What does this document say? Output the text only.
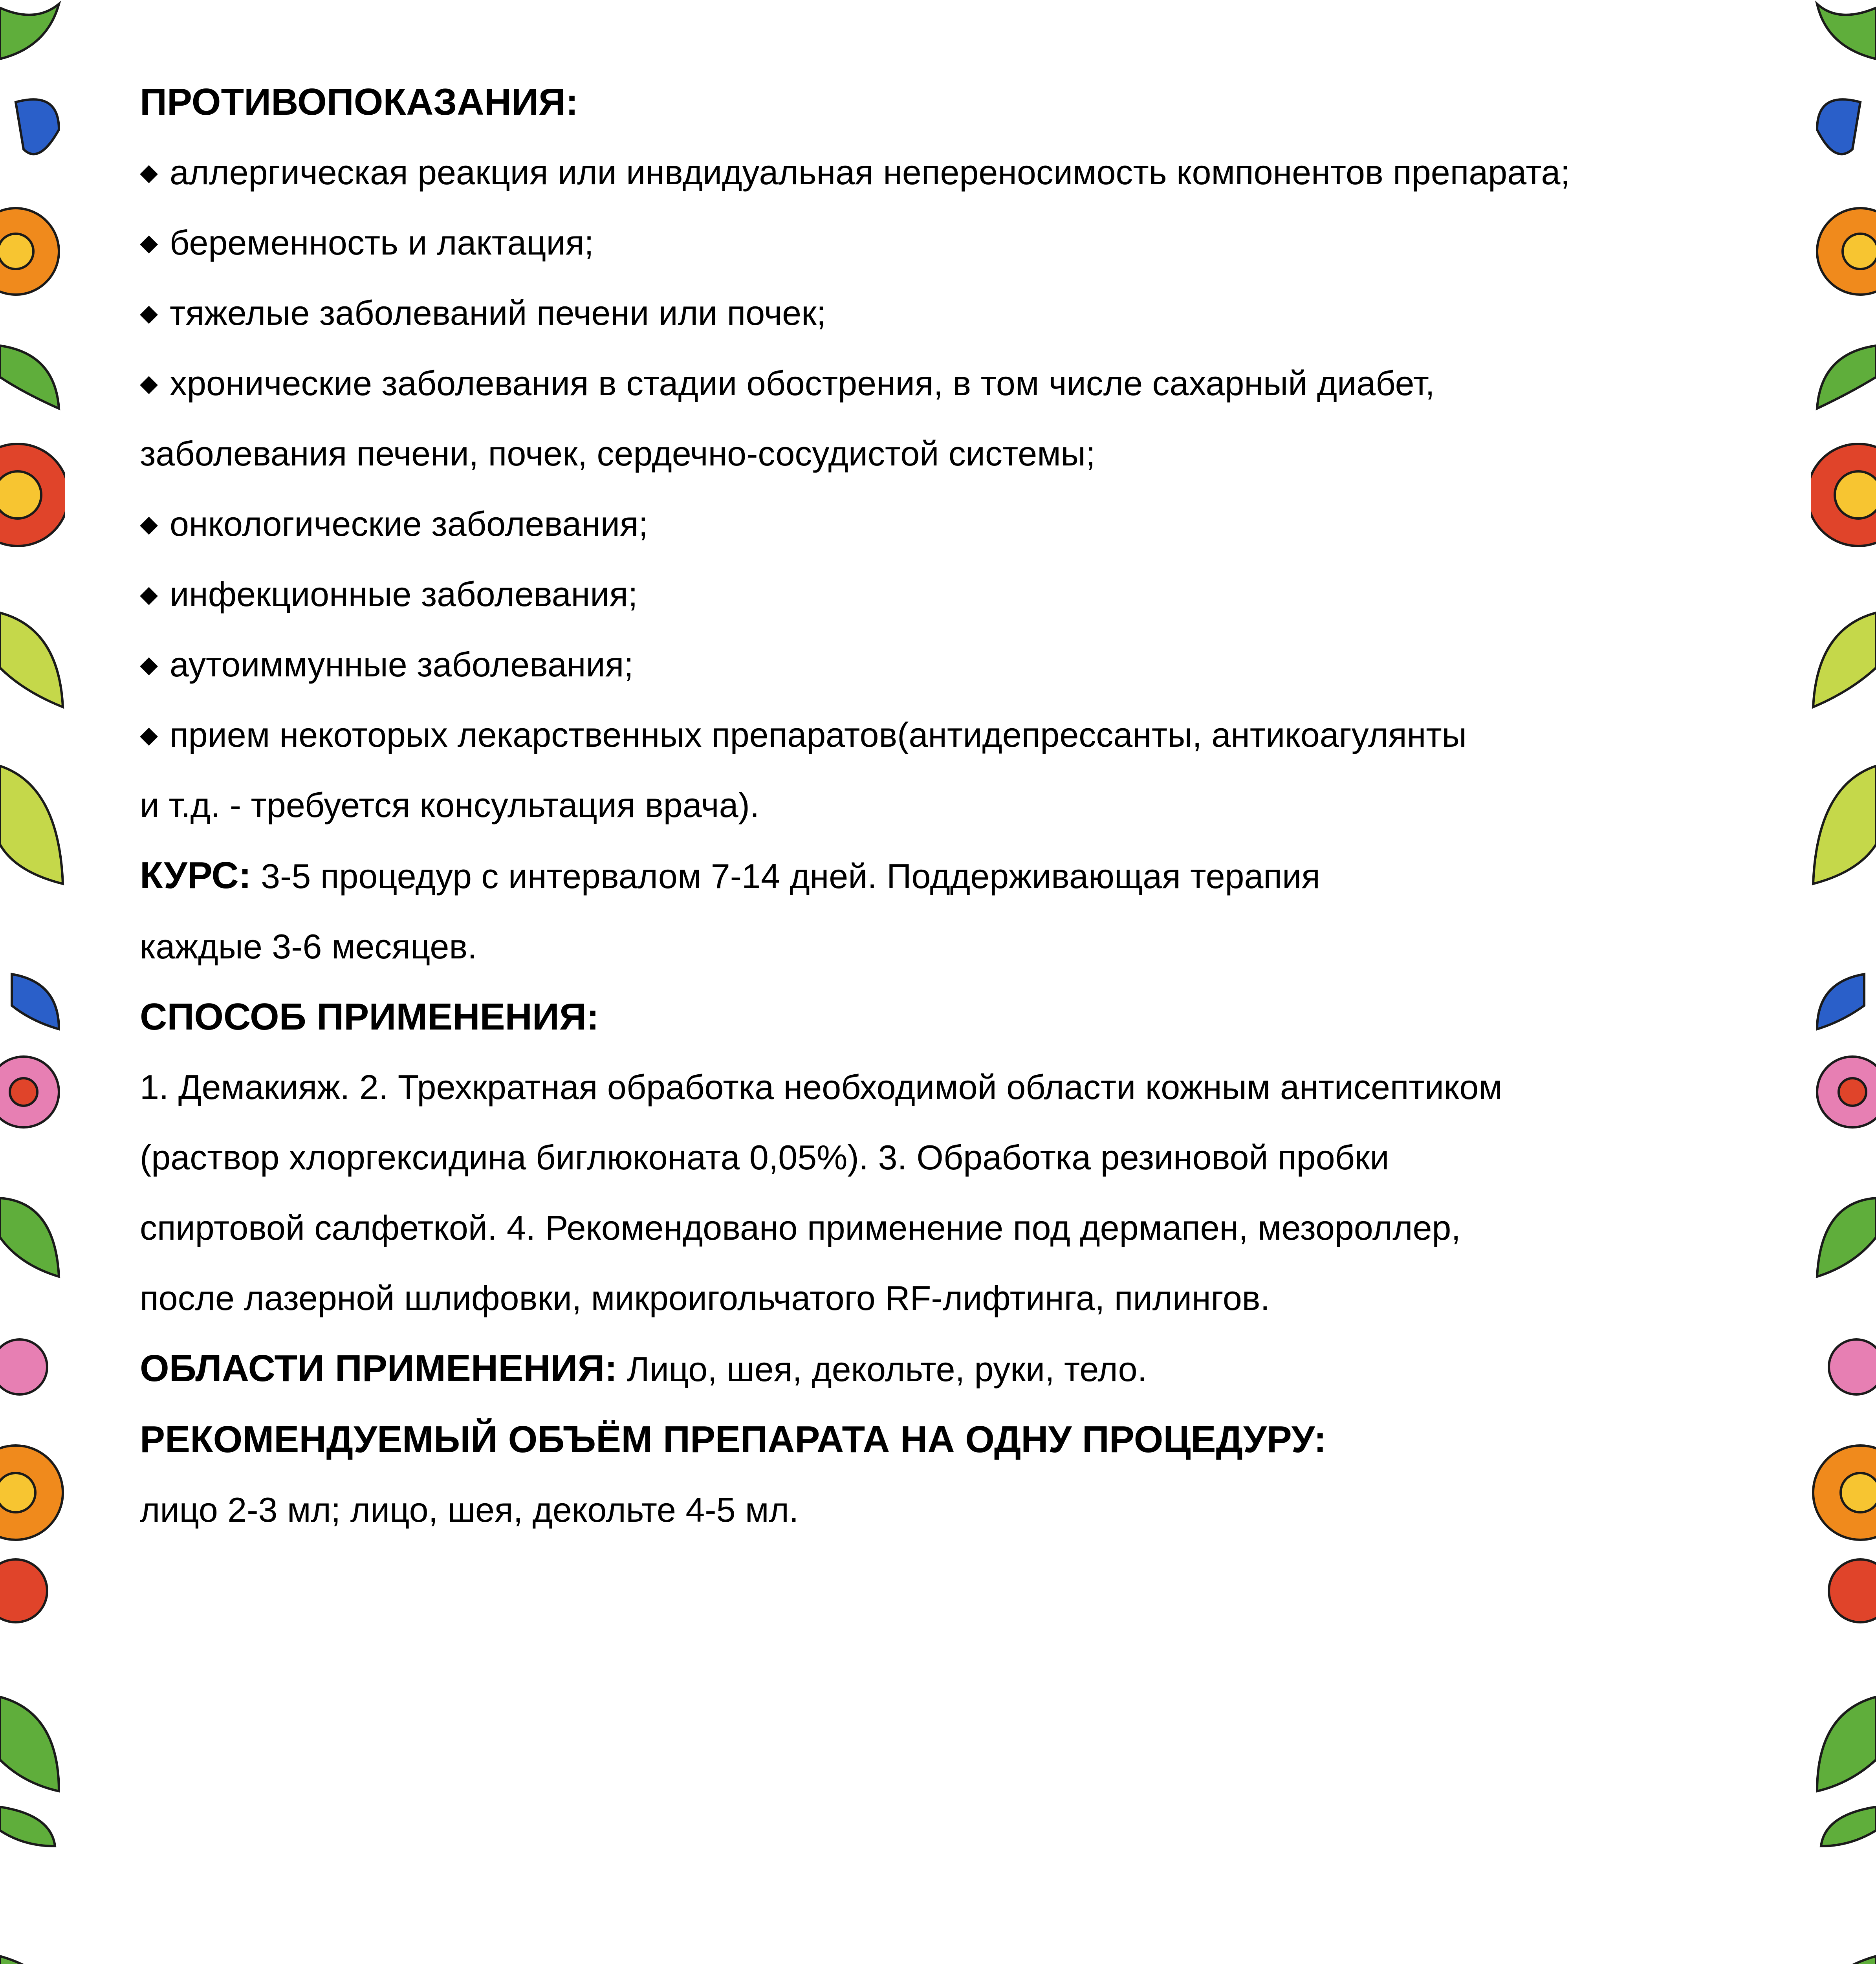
ПРОТИВОПОКАЗАНИЯ:
◆ аллергическая реакция или инвдидуальная непереносимость компонентов препарата;
◆ беременность и лактация;
◆ тяжелые заболеваний печени или почек;
◆ хронические заболевания в стадии обострения, в том числе сахарный диабет,
заболевания печени, почек, сердечно-сосудистой системы;
◆ онкологические заболевания;
◆ инфекционные заболевания;
◆ аутоиммунные заболевания;
◆ прием некоторых лекарственных препаратов(антидепрессанты, антикоагулянты
и т.д. - требуется консультация врача).
КУРС: 3-5 процедур с интервалом 7-14 дней. Поддерживающая терапия
каждые 3-6 месяцев.
СПОСОБ ПРИМЕНЕНИЯ:
1. Демакияж. 2. Трехкратная обработка необходимой области кожным антисептиком
(раствор хлоргексидина биглюконата 0,05%). 3. Обработка резиновой пробки
спиртовой салфеткой. 4. Рекомендовано применение под дермапен, мезороллер,
после лазерной шлифовки, микроигольчатого RF-лифтинга, пилингов.
ОБЛАСТИ ПРИМЕНЕНИЯ: Лицо, шея, декольте, руки, тело.
РЕКОМЕНДУЕМЫЙ ОБЪЁМ ПРЕПАРАТА НА ОДНУ ПРОЦЕДУРУ:
лицо 2-3 мл; лицо, шея, декольте 4-5 мл.
